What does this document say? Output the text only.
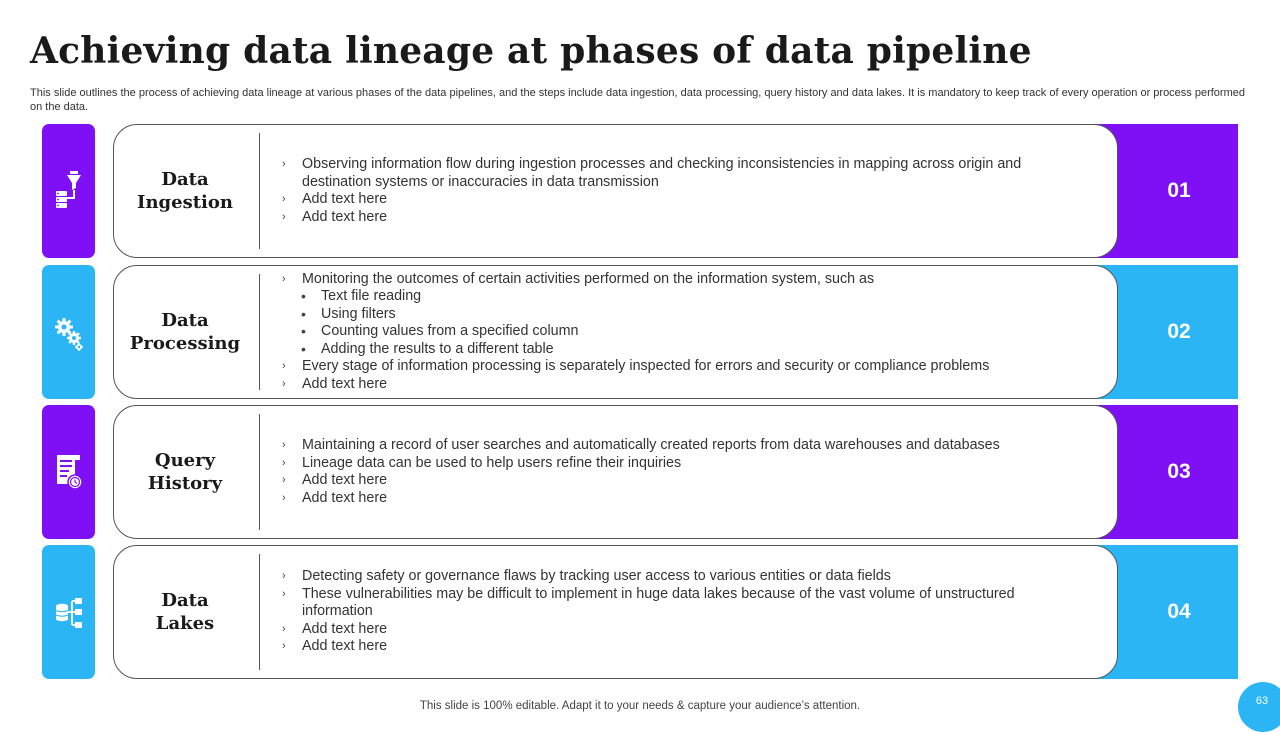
Achieving data lineage at phases of data pipeline

This slide outlines the process of achieving data lineage at various phases of the data pipelines, and the steps include data ingestion, data processing, query history and data lakes. It is mandatory to keep track of every operation or process performed on the data.

01
Data
Ingestion
› Observing information flow during ingestion processes and checking inconsistencies in mapping across origin and destination systems or inaccuracies in data transmission
› Add text here
› Add text here
02
Data
Processing
› Monitoring the outcomes of certain activities performed on the information system, such as
• Text file reading
• Using filters
• Counting values from a specified column
• Adding the results to a different table
› Every stage of information processing is separately inspected for errors and security or compliance problems
› Add text here
03
Query
History
› Maintaining a record of user searches and automatically created reports from data warehouses and databases
› Lineage data can be used to help users refine their inquiries
› Add text here
› Add text here
04
Data
Lakes
› Detecting safety or governance flaws by tracking user access to various entities or data fields
› These vulnerabilities may be difficult to implement in huge data lakes because of the vast volume of unstructured information
› Add text here
› Add text here
This slide is 100% editable. Adapt it to your needs & capture your audience’s attention.	63
